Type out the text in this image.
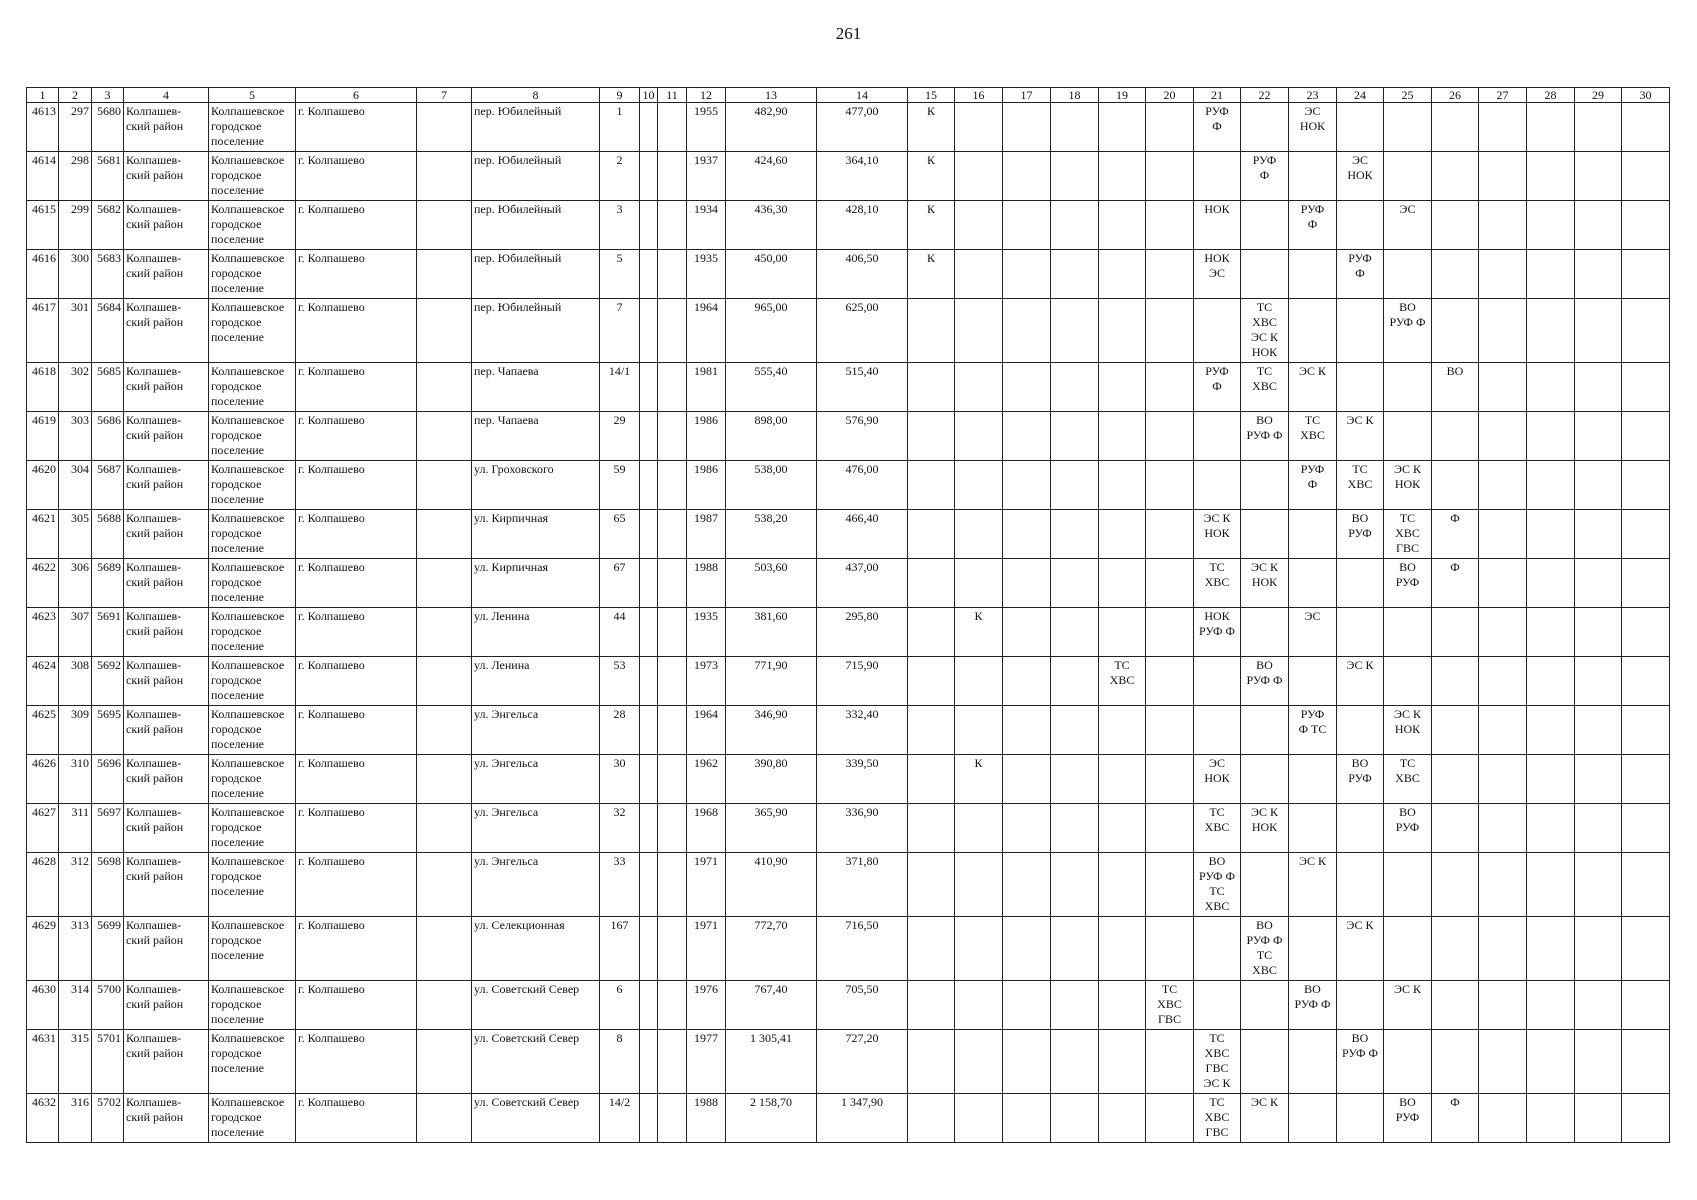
261
1	2	3	4	5	6	7	8	9	10	11	12	13	14	15	16	17	18	19	20	21	22	23	24	25	26	27	28	29	30
4613	297	5680	Колпашев-
ский район	Колпашевское
городское
поселение	г. Колпашево		пер. Юбилейный	1			1955	482,90	477,00	К						РУФ
Ф		ЭС
НОК							
4614	298	5681	Колпашев-
ский район	Колпашевское
городское
поселение	г. Колпашево		пер. Юбилейный	2			1937	424,60	364,10	К							РУФ
Ф		ЭС
НОК						
4615	299	5682	Колпашев-
ский район	Колпашевское
городское
поселение	г. Колпашево		пер. Юбилейный	3			1934	436,30	428,10	К						НОК		РУФ
Ф		ЭС					
4616	300	5683	Колпашев-
ский район	Колпашевское
городское
поселение	г. Колпашево		пер. Юбилейный	5			1935	450,00	406,50	К						НОК
ЭС			РУФ
Ф						
4617	301	5684	Колпашев-
ский район	Колпашевское
городское
поселение	г. Колпашево		пер. Юбилейный	7			1964	965,00	625,00								ТС
ХВС
ЭС К
НОК			ВО
РУФ Ф					
4618	302	5685	Колпашев-
ский район	Колпашевское
городское
поселение	г. Колпашево		пер. Чапаева	14/1			1981	555,40	515,40							РУФ
Ф	ТС
ХВС	ЭС К			ВО				
4619	303	5686	Колпашев-
ский район	Колпашевское
городское
поселение	г. Колпашево		пер. Чапаева	29			1986	898,00	576,90								ВО
РУФ Ф	ТС
ХВС	ЭС К						
4620	304	5687	Колпашев-
ский район	Колпашевское
городское
поселение	г. Колпашево		ул. Гроховского	59			1986	538,00	476,00									РУФ
Ф	ТС
ХВС	ЭС К
НОК					
4621	305	5688	Колпашев-
ский район	Колпашевское
городское
поселение	г. Колпашево		ул. Кирпичная	65			1987	538,20	466,40							ЭС К
НОК			ВО
РУФ	ТС
ХВС
ГВС	Ф				
4622	306	5689	Колпашев-
ский район	Колпашевское
городское
поселение	г. Колпашево		ул. Кирпичная	67			1988	503,60	437,00							ТС
ХВС	ЭС К
НОК			ВО
РУФ	Ф				
4623	307	5691	Колпашев-
ский район	Колпашевское
городское
поселение	г. Колпашево		ул. Ленина	44			1935	381,60	295,80		К					НОК
РУФ Ф		ЭС							
4624	308	5692	Колпашев-
ский район	Колпашевское
городское
поселение	г. Колпашево		ул. Ленина	53			1973	771,90	715,90					ТС
ХВС			ВО
РУФ Ф		ЭС К						
4625	309	5695	Колпашев-
ский район	Колпашевское
городское
поселение	г. Колпашево		ул. Энгельса	28			1964	346,90	332,40									РУФ
Ф ТС		ЭС К
НОК					
4626	310	5696	Колпашев-
ский район	Колпашевское
городское
поселение	г. Колпашево		ул. Энгельса	30			1962	390,80	339,50		К					ЭС
НОК			ВО
РУФ	ТС
ХВС					
4627	311	5697	Колпашев-
ский район	Колпашевское
городское
поселение	г. Колпашево		ул. Энгельса	32			1968	365,90	336,90							ТС
ХВС	ЭС К
НОК			ВО
РУФ					
4628	312	5698	Колпашев-
ский район	Колпашевское
городское
поселение	г. Колпашево		ул. Энгельса	33			1971	410,90	371,80							ВО
РУФ Ф
ТС
ХВС		ЭС К							
4629	313	5699	Колпашев-
ский район	Колпашевское
городское
поселение	г. Колпашево		ул. Селекционная	167			1971	772,70	716,50								ВО
РУФ Ф
ТС
ХВС		ЭС К						
4630	314	5700	Колпашев-
ский район	Колпашевское
городское
поселение	г. Колпашево		ул. Советский Север	6			1976	767,40	705,50						ТС
ХВС
ГВС			ВО
РУФ Ф		ЭС К					
4631	315	5701	Колпашев-
ский район	Колпашевское
городское
поселение	г. Колпашево		ул. Советский Север	8			1977	1 305,41	727,20							ТС
ХВС
ГВС
ЭС К			ВО
РУФ Ф						
4632	316	5702	Колпашев-
ский район	Колпашевское
городское
поселение	г. Колпашево		ул. Советский Север	14/2			1988	2 158,70	1 347,90							ТС
ХВС
ГВС	ЭС К			ВО
РУФ	Ф				
